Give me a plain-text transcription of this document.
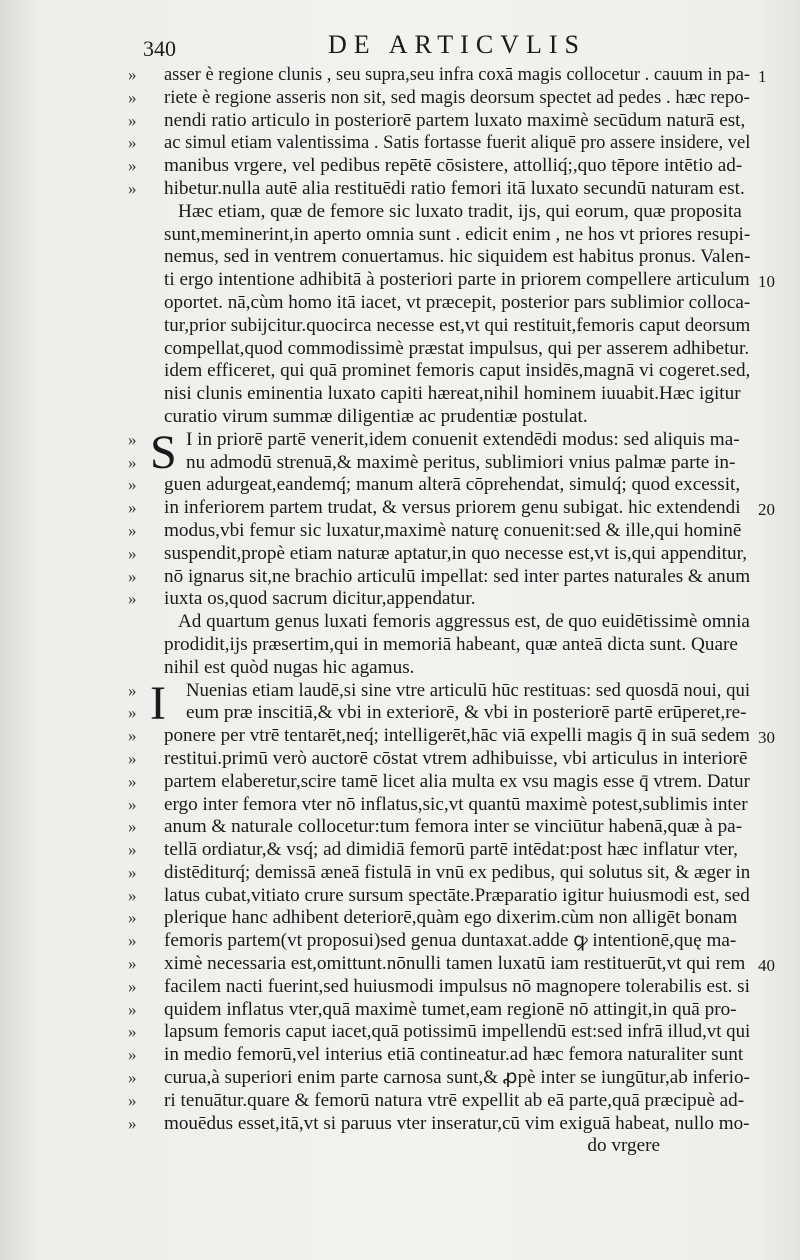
340	DE ARTICVLIS
» asser è regione clunis , seu supra,seu infra coxā magis collocetur . cauum in pa- 1
» riete è regione asseris non sit, sed magis deorsum spectet ad pedes . hæc repo-
» nendi ratio articulo in posteriorē partem luxato maximè secūdum naturā est,
» ac simul etiam valentissima . Satis fortasse fuerit aliquē pro assere insidere, vel
» manibus vrgere, vel pedibus repētē cōsistere, attolliq́;,quo tēpore intētio ad-
» hibetur.nulla autē alia restituēdi ratio femori itā luxato secundū naturam est.
Hæc etiam, quæ de femore sic luxato tradit, ijs, qui eorum, quæ proposita
sunt,meminerint,in aperto omnia sunt . edicit enim , ne hos vt priores resupi-
nemus, sed in ventrem conuertamus. hic siquidem est habitus pronus. Valen-
ti ergo intentione adhibitā à posteriori parte in priorem compellere articulum 10
oportet. nā,cùm homo itā iacet, vt præcepit, posterior pars sublimior colloca-
tur,prior subijcitur.quocirca necesse est,vt qui restituit,femoris caput deorsum
compellat,quod commodissimè præstat impulsus, qui per asserem adhibetur.
idem efficeret, qui quā prominet femoris caput insidēs,magnā vi cogeret.sed,
nisi clunis eminentia luxato capiti hæreat,nihil hominem iuuabit.Hæc igitur
curatio virum summæ diligentiæ ac prudentiæ postulat.
» S I in priorē partē venerit,idem conuenit extendēdi modus: sed aliquis ma-
»	nu admodū strenuā,& maximè peritus, sublimiori vnius palmæ parte in-
» guen adurgeat,eandemq́; manum alterā cōprehendat, simulq́; quod excessit,
» in inferiorem partem trudat, & versus priorem genu subigat. hic extendendi 20
» modus,vbi femur sic luxatur,maximè naturę conuenit:sed & ille,qui hominē
» suspendit,propè etiam naturæ aptatur,in quo necesse est,vt is,qui appenditur,
» nō ignarus sit,ne brachio articulū impellat: sed inter partes naturales & anum
» iuxta os,quod sacrum dicitur,appendatur.
Ad quartum genus luxati femoris aggressus est, de quo euidētissimè omnia
prodidit,ijs præsertim,qui in memoriā habeant, quæ anteā dicta sunt. Quare
nihil est quòd nugas hic agamus.
» I Nuenias etiam laudē,si sine vtre articulū hūc restituas: sed quosdā noui, qui
»	eum præ inscitiā,& vbi in exteriorē, & vbi in posteriorē partē erūperet,re-
» ponere per vtrē tentarēt,neq́; intelligerēt,hāc viā expelli magis q̄ in suā sedem 30
» restitui.primū verò auctorē cōstat vtrem adhibuisse, vbi articulus in interiorē
» partem elaberetur,scire tamē licet alia multa ex vsu magis esse q̄ vtrem. Datur
» ergo inter femora vter nō inflatus,sic,vt quantū maximè potest,sublimis inter
» anum & naturale collocetur:tum femora inter se vinciūtur habenā,quæ à pa-
» tellā ordiatur,& vsq́; ad dimidiā femorū partē intēdat:post hæc inflatur vter,
» distēditurq́; demissā æneā fistulā in vnū ex pedibus, qui solutus sit, & æger in
» latus cubat,vitiato crure sursum spectāte.Præparatio igitur huiusmodi est, sed
» plerique hanc adhibent deteriorē,quàm ego dixerim.cùm non alligēt bonam
» femoris partem(vt proposui)sed genua duntaxat.adde ꝙ intentionē,quę ma-
» ximè necessaria est,omittunt.nōnulli tamen luxatū iam restituerūt,vt qui rem 40
» facilem nacti fuerint,sed huiusmodi impulsus nō magnopere tolerabilis est. si
» quidem inflatus vter,quā maximè tumet,eam regionē nō attingit,in quā pro-
» lapsum femoris caput iacet,quā potissimū impellendū est:sed infrā illud,vt qui
» in medio femorū,vel interius etiā contineatur.ad hæc femora naturaliter sunt
» curua,à superiori enim parte carnosa sunt,& ꝓpè inter se iungūtur,ab inferio-
» ri tenuātur.quare & femorū natura vtrē expellit ab eā parte,quā præcipuè ad-
» mouēdus esset,itā,vt si paruus vter inseratur,cū vim exiguā habeat, nullo mo-
do vrgere
